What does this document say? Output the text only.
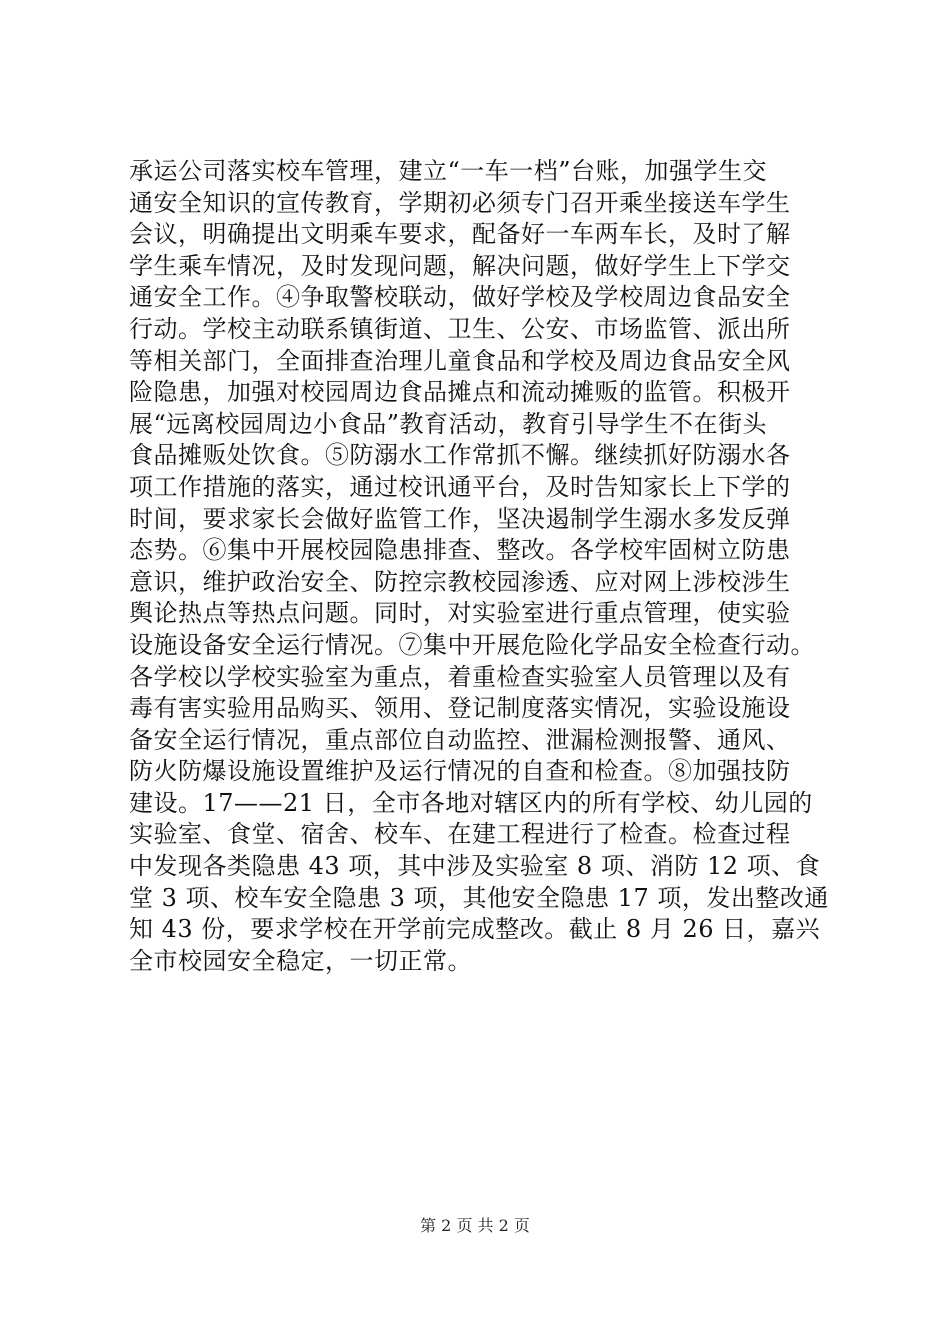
承运公司落实校车管理，建立“一车一档”台账，加强学生交
通安全知识的宣传教育，学期初必须专门召开乘坐接送车学生
会议，明确提出文明乘车要求，配备好一车两车长，及时了解
学生乘车情况，及时发现问题，解决问题，做好学生上下学交
通安全工作。④争取警校联动，做好学校及学校周边食品安全
行动。学校主动联系镇街道、卫生、公安、市场监管、派出所
等相关部门，全面排查治理儿童食品和学校及周边食品安全风
险隐患，加强对校园周边食品摊点和流动摊贩的监管。积极开
展“远离校园周边小食品”教育活动，教育引导学生不在街头
食品摊贩处饮食。⑤防溺水工作常抓不懈。继续抓好防溺水各
项工作措施的落实，通过校讯通平台，及时告知家长上下学的
时间，要求家长会做好监管工作，坚决遏制学生溺水多发反弹
态势。⑥集中开展校园隐患排查、整改。各学校牢固树立防患
意识，维护政治安全、防控宗教校园渗透、应对网上涉校涉生
舆论热点等热点问题。同时，对实验室进行重点管理，使实验
设施设备安全运行情况。⑦集中开展危险化学品安全检查行动。
各学校以学校实验室为重点，着重检查实验室人员管理以及有
毒有害实验用品购买、领用、登记制度落实情况，实验设施设
备安全运行情况，重点部位自动监控、泄漏检测报警、通风、
防火防爆设施设置维护及运行情况的自查和检查。⑧加强技防
建设。17——21 日，全市各地对辖区内的所有学校、幼儿园的
实验室、食堂、宿舍、校车、在建工程进行了检查。检查过程
中发现各类隐患 43 项，其中涉及实验室 8 项、消防 12 项、食
堂 3 项、校车安全隐患 3 项，其他安全隐患 17 项，发出整改通
知 43 份，要求学校在开学前完成整改。截止 8 月 26 日，嘉兴
全市校园安全稳定，一切正常。
第 2 页 共 2 页
